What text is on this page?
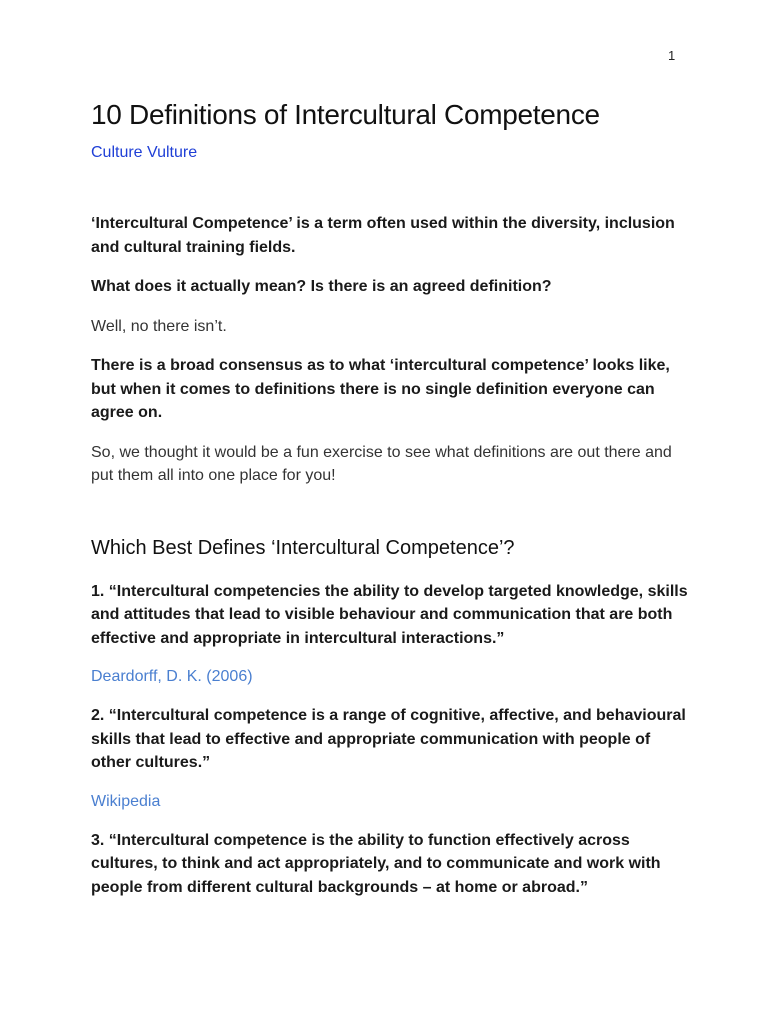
1
10 Definitions of Intercultural Competence
Culture Vulture

‘Intercultural Competence’ is a term often used within the diversity, inclusion and cultural training fields.

What does it actually mean? Is there is an agreed definition?

Well, no there isn’t.

There is a broad consensus as to what ‘intercultural competence’ looks like, but when it comes to definitions there is no single definition everyone can agree on.

So, we thought it would be a fun exercise to see what definitions are out there and put them all into one place for you!

Which Best Defines ‘Intercultural Competence’?

1. “Intercultural competencies the ability to develop targeted knowledge, skills and attitudes that lead to visible behaviour and communication that are both effective and appropriate in intercultural interactions.”

Deardorff, D. K. (2006)

2. “Intercultural competence is a range of cognitive, affective, and behavioural skills that lead to effective and appropriate communication with people of other cultures.”

Wikipedia

3. “Intercultural competence is the ability to function effectively across cultures, to think and act appropriately, and to communicate and work with people from different cultural backgrounds – at home or abroad.”
